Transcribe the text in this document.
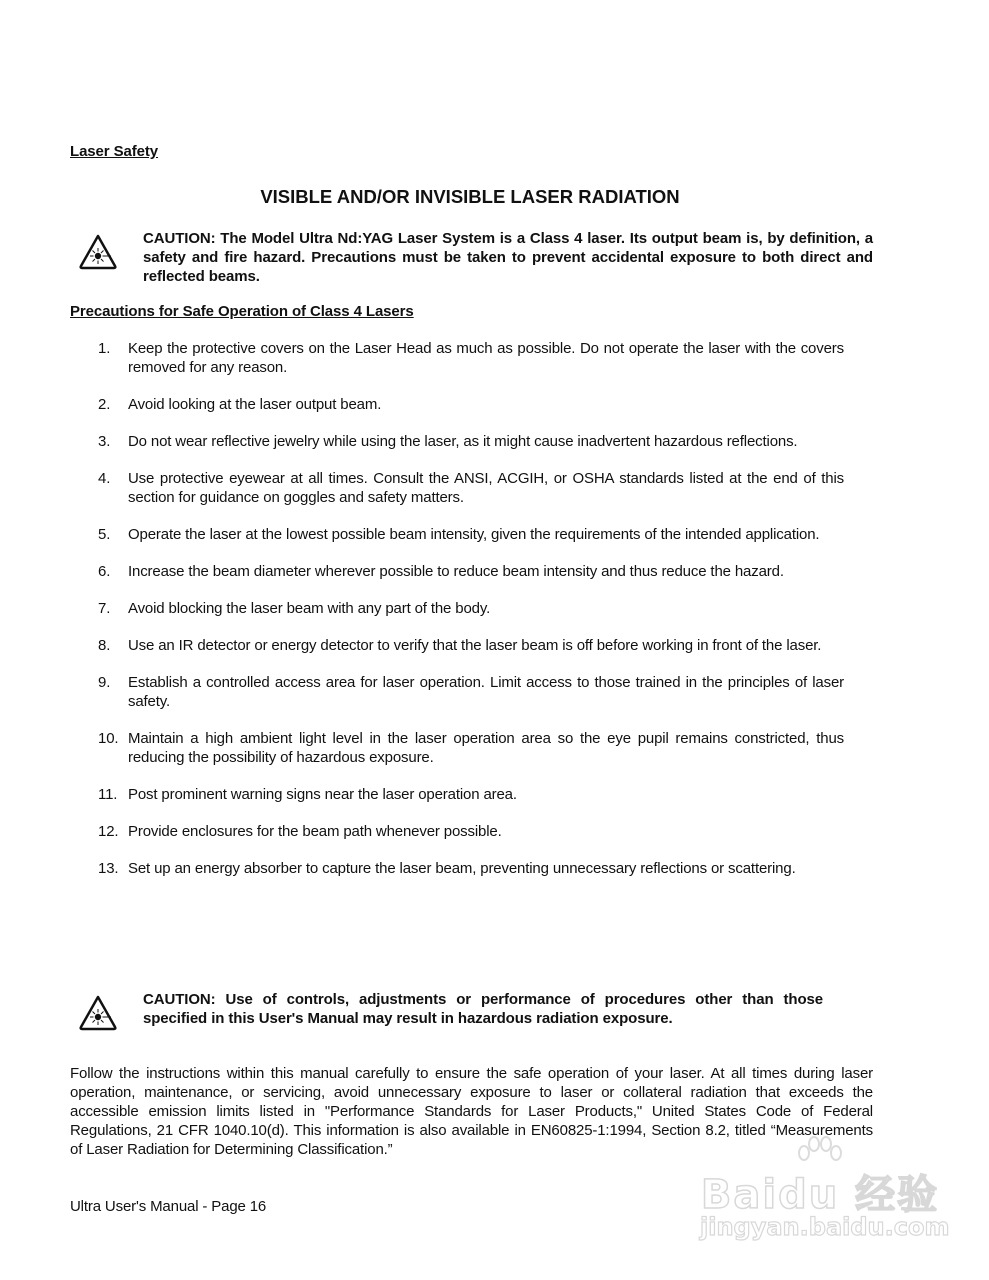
Laser Safety
VISIBLE AND/OR INVISIBLE LASER RADIATION
CAUTION: The Model Ultra Nd:YAG Laser System is a Class 4 laser. Its output beam is, by definition, a safety and fire hazard. Precautions must be taken to prevent accidental exposure to both direct and reflected beams.
Precautions for Safe Operation of Class 4 Lasers
1. Keep the protective covers on the Laser Head as much as possible. Do not operate the laser with the covers removed for any reason.
2. Avoid looking at the laser output beam.
3. Do not wear reflective jewelry while using the laser, as it might cause inadvertent hazardous reflections.
4. Use protective eyewear at all times. Consult the ANSI, ACGIH, or OSHA standards listed at the end of this section for guidance on goggles and safety matters.
5. Operate the laser at the lowest possible beam intensity, given the requirements of the intended application.
6. Increase the beam diameter wherever possible to reduce beam intensity and thus reduce the hazard.
7. Avoid blocking the laser beam with any part of the body.
8. Use an IR detector or energy detector to verify that the laser beam is off before working in front of the laser.
9. Establish a controlled access area for laser operation. Limit access to those trained in the principles of laser safety.
10. Maintain a high ambient light level in the laser operation area so the eye pupil remains constricted, thus reducing the possibility of hazardous exposure.
11. Post prominent warning signs near the laser operation area.
12. Provide enclosures for the beam path whenever possible.
13. Set up an energy absorber to capture the laser beam, preventing unnecessary reflections or scattering.
CAUTION: Use of controls, adjustments or performance of procedures other than those specified in this User's Manual may result in hazardous radiation exposure.
Follow the instructions within this manual carefully to ensure the safe operation of your laser. At all times during laser operation, maintenance, or servicing, avoid unnecessary exposure to laser or collateral radiation that exceeds the accessible emission limits listed in "Performance Standards for Laser Products," United States Code of Federal Regulations, 21 CFR 1040.10(d). This information is also available in EN60825-1:1994, Section 8.2, titled “Measurements of Laser Radiation for Determining Classification.”
Ultra User's Manual - Page 16	Baidu 经验
jingyan.baidu.com
